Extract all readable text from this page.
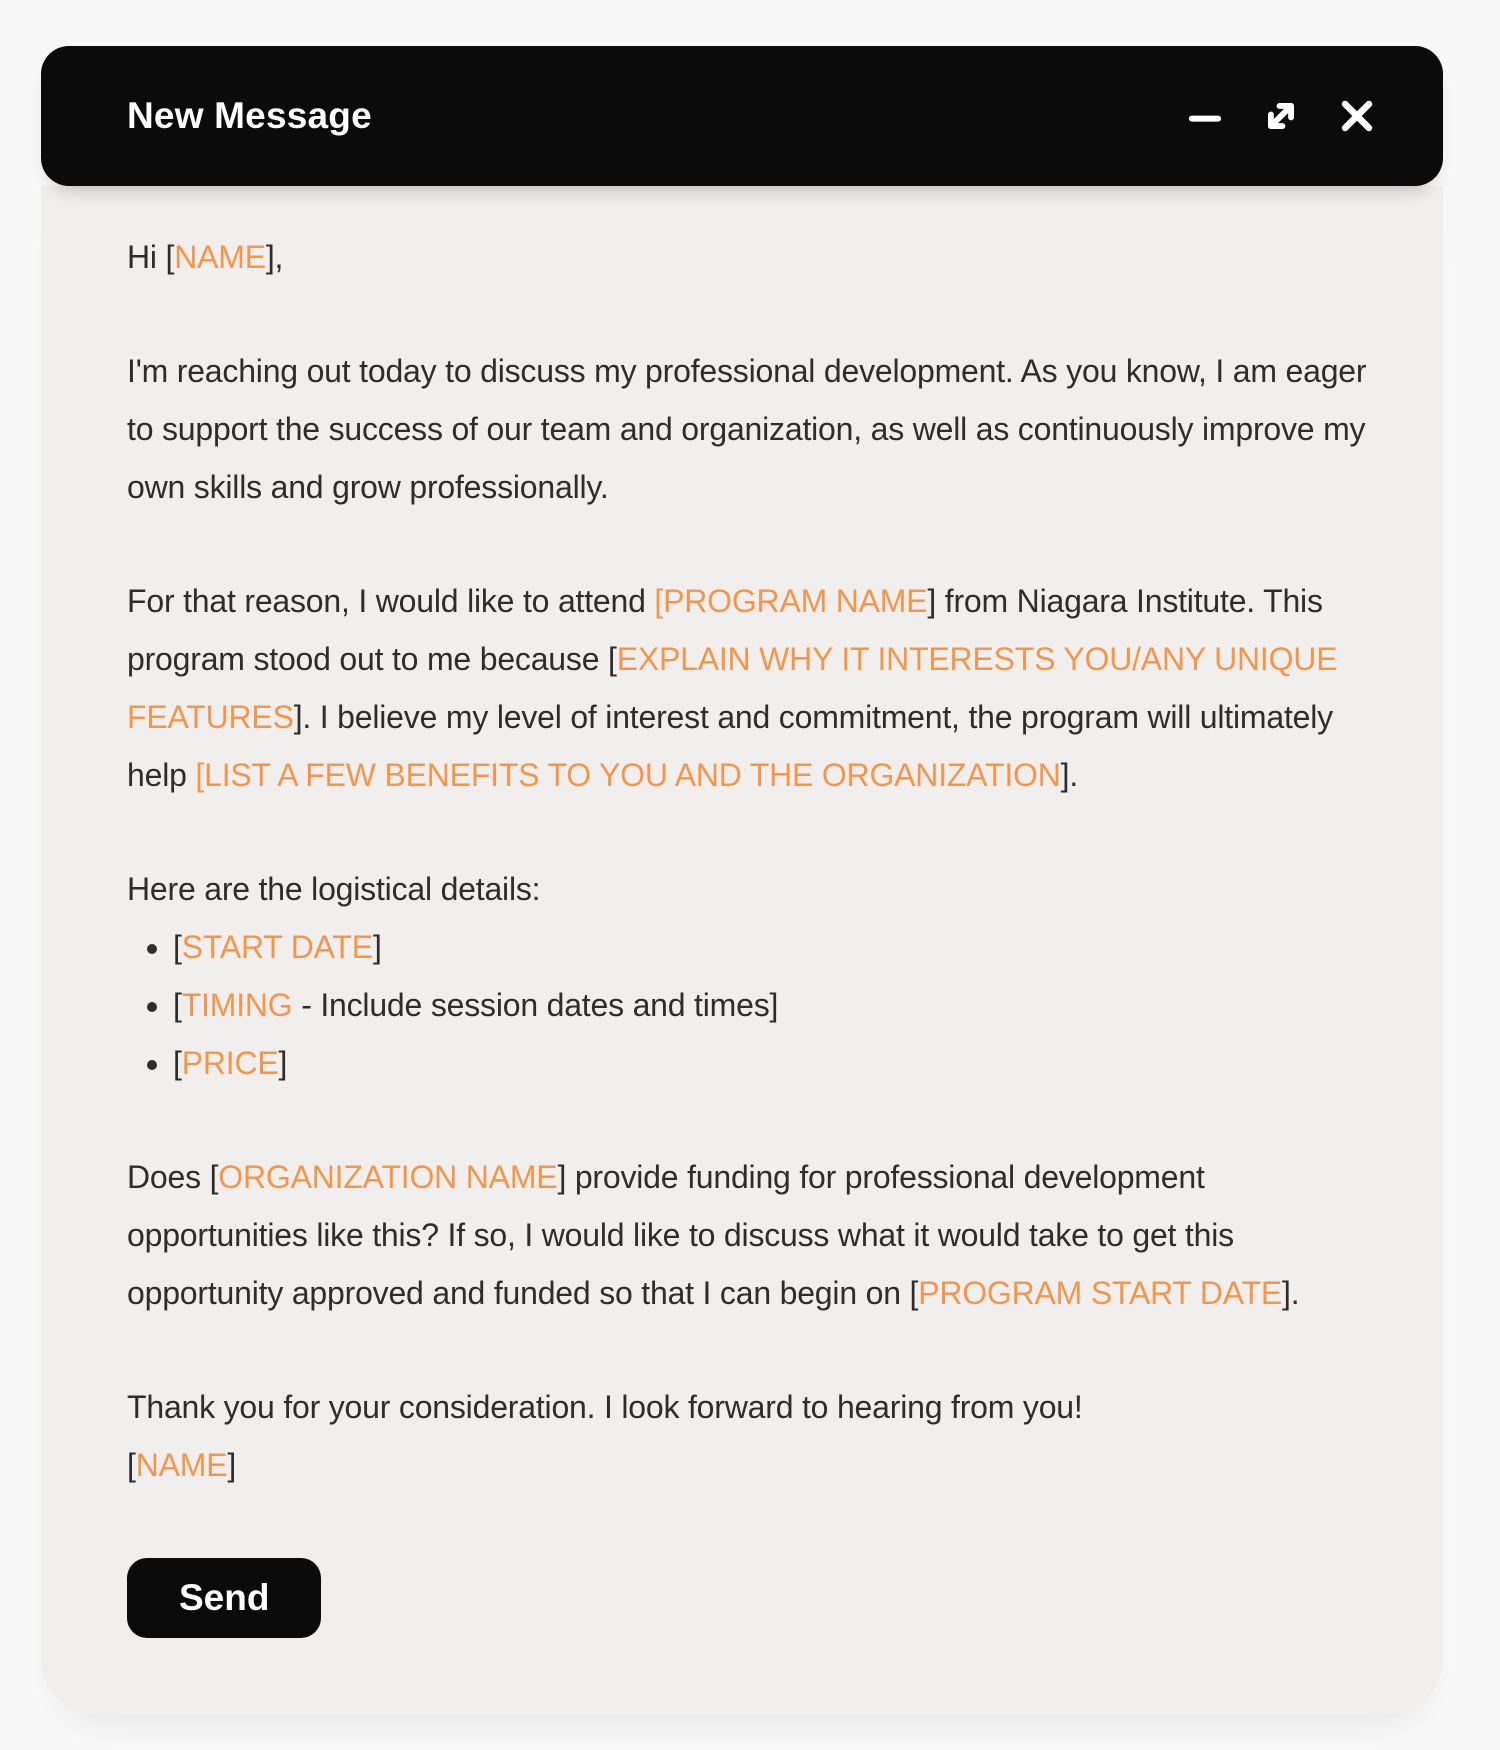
New Message

Hi [NAME],

I'm reaching out today to discuss my professional development. As you know, I am eager to support the success of our team and organization, as well as continuously improve my own skills and grow professionally.

For that reason, I would like to attend [PROGRAM NAME] from Niagara Institute. This program stood out to me because [EXPLAIN WHY IT INTERESTS YOU/ANY UNIQUE FEATURES]. I believe my level of interest and commitment, the program will ultimately help [LIST A FEW BENEFITS TO YOU AND THE ORGANIZATION].

Here are the logistical details:

• [START DATE]
• [TIMING - Include session dates and times]
• [PRICE]

Does [ORGANIZATION NAME] provide funding for professional development opportunities like this? If so, I would like to discuss what it would take to get this opportunity approved and funded so that I can begin on [PROGRAM START DATE].

Thank you for your consideration. I look forward to hearing from you!
[NAME]

Send
